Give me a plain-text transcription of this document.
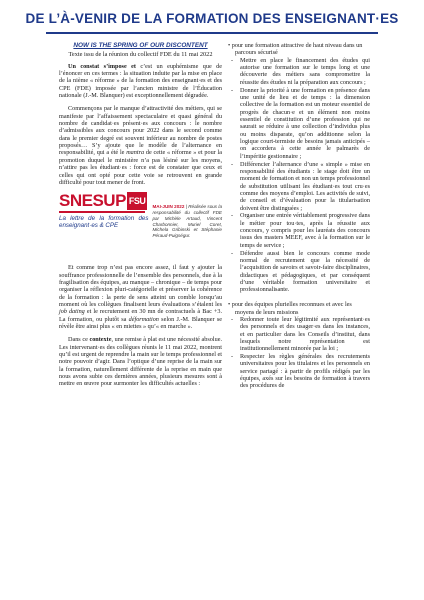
DE L’À-VENIR DE LA FORMATION DES ENSEIGNANT·ES
NOW IS THE SPRING OF OUR DISCONTENT
Texte issu de la réunion du collectif FDE du 11 mai 2022

Un constat s’impose et c’est un euphémisme que de l’énoncer en ces termes : la situation induite par la mise en place de la nième « réforme » de la formation des enseignant·es et des CPE (FDE) imposée par l’ancien ministre de l’Éducation nationale (J.-M. Blanquer) est exceptionnellement dégradée.

Commençons par le manque d’attractivité des métiers, qui se manifeste par l’affaissement spectaculaire et quasi général du nombre de candidat·es présent·es aux concours : le nombre d’admissibles aux concours pour 2022 dans le second comme dans le premier degré est souvent inférieur au nombre de postes proposés… S’y ajoute que le modèle de l’alternance en responsabilité, qui a été le mantra de cette « réforme » et pour la promotion duquel le ministère n’a pas lésiné sur les moyens, n’attire pas les étudiant·es : force est de constater que ceux et celles qui ont opté pour cette voie se retrouvent en grande difficulté pour tout mener de front.

SNESUP FSU
La lettre de la formation des enseignant·es & CPE
MAI-JUIN 2022 | Réalisée sous la responsabilité du collectif FDE par Michèle Artaud, Vincent Charbonnier, Muriel Coret, Michela Gribinski et Stéphanie Péraud-Puigségur.

Et comme trop n’est pas encore assez, il faut y ajouter la souffrance professionnelle de l’ensemble des personnels, due à la fragilisation des équipes, au manque – chronique – de temps pour organiser la réflexion pluri-catégorielle et préserver la cohérence de la formation : la perte de sens atteint un comble lorsqu’au moment où les collègues finalisent leurs évaluations s’étalent les job dating et le recrutement en 30 mn de contractuels à Bac +3. La formation, ou plutôt sa déformation selon J.-M. Blanquer se révèle être ainsi plus « en miettes » qu’« en marche ».

Dans ce contexte, une remise à plat est une nécessité absolue. Les intervenant·es des collègues réunis le 11 mai 2022, montrent qu’il est urgent de reprendre la main sur le temps professionnel et notre pouvoir d’agir. Dans l’optique d’une reprise de la main sur la formation, naturellement différente de la reprise en main que nous avons subie ces dernières années, plusieurs mesures sont à mettre en œuvre pour surmonter les difficultés actuelles :

• pour une formation attractive de haut niveau dans un parcours sécurisé

- Mettre en place le financement des études qui autorise une formation sur le temps long et une découverte des métiers sans compromettre la réussite des études ni la préparation aux concours ;
- Donner la priorité à une formation en présence dans une unité de lieu et de temps : la dimension collective de la formation est un moteur essentiel de progrès de chacun·e et un élément non moins essentiel de constitution d’une profession qui ne saurait se réduire à une collection d’individus plus ou moins disparate, qu’on additionne selon la logique court-termiste de besoins jamais anticipés – on accordera à cette année le palmarès de l’impéritie gestionnaire ;
- Différencier l’alternance d’une « simple » mise en responsabilité des étudiants : le stage doit être un moment de formation et non un temps professionnel de substitution utilisant les étudiant·es tout cru·es comme des moyens d’emploi. Les activités de suivi, de conseil et d’évaluation pour la titularisation doivent être distinguées ;
- Organiser une entrée véritablement progressive dans le métier pour tou·tes, après la réussite aux concours, y compris pour les lauréats des concours issus des masters MEEF, avec à la formation sur le temps de service ;
- Défendre aussi bien le concours comme mode normal de recrutement que la nécessité de l’acquisition de savoirs et savoir-faire disciplinaires, didactiques et pédagogiques, et par conséquent d’une véritable formation universitaire et professionnalisante.

• pour des équipes plurielles reconnues et avec les moyens de leurs missions

- Redonner toute leur légitimité aux représentant·es des personnels et des usager·es dans les instances, et en particulier dans les Conseils d’institut, dans lesquels notre représentation est institutionnellement minorée par la loi ;
- Respecter les règles générales des recrutements universitaires pour les titulaires et les personnels en service partagé : à partir de profils rédigés par les équipes, axés sur les besoins de formation à travers des procédures de
